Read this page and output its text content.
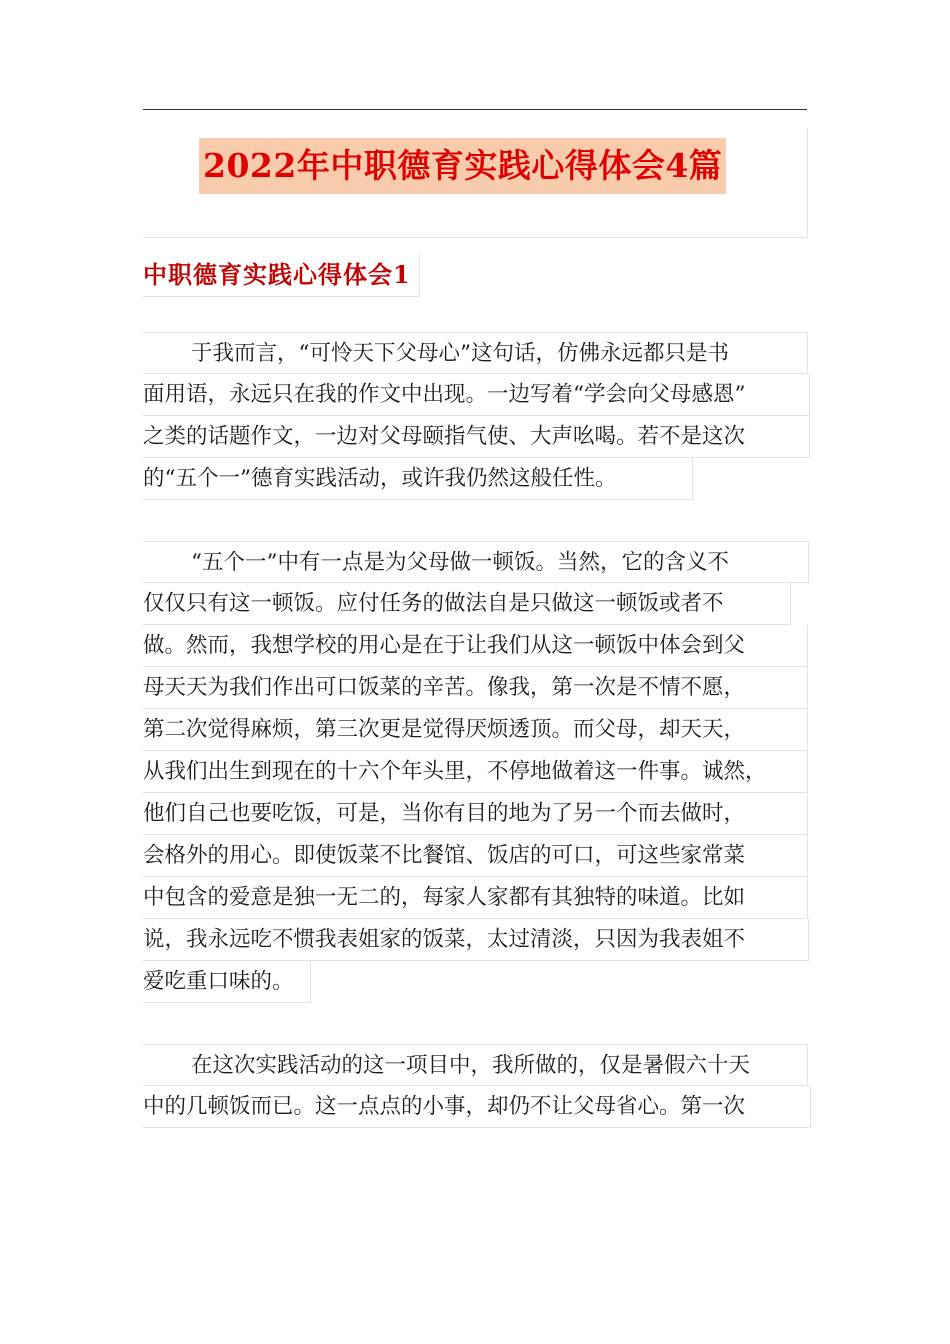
2022年中职德育实践心得体会4篇
中职德育实践心得体会1
于我而言，“可怜天下父母心”这句话，仿佛永远都只是书
面用语，永远只在我的作文中出现。一边写着“学会向父母感恩”
之类的话题作文，一边对父母颐指气使、大声吆喝。若不是这次
的“五个一”德育实践活动，或许我仍然这般任性。
“五个一”中有一点是为父母做一顿饭。当然，它的含义不
仅仅只有这一顿饭。应付任务的做法自是只做这一顿饭或者不
做。然而，我想学校的用心是在于让我们从这一顿饭中体会到父
母天天为我们作出可口饭菜的辛苦。像我，第一次是不情不愿，
第二次觉得麻烦，第三次更是觉得厌烦透顶。而父母，却天天，
从我们出生到现在的十六个年头里，不停地做着这一件事。诚然，
他们自己也要吃饭，可是，当你有目的地为了另一个而去做时，
会格外的用心。即使饭菜不比餐馆、饭店的可口，可这些家常菜
中包含的爱意是独一无二的，每家人家都有其独特的味道。比如
说，我永远吃不惯我表姐家的饭菜，太过清淡，只因为我表姐不
爱吃重口味的。
在这次实践活动的这一项目中，我所做的，仅是暑假六十天
中的几顿饭而已。这一点点的小事，却仍不让父母省心。第一次
